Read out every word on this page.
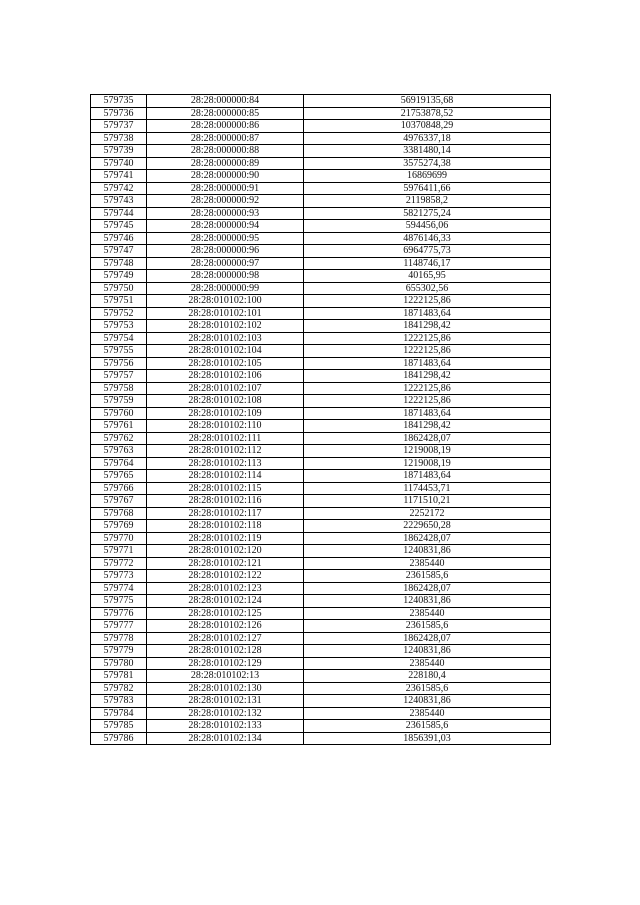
579735	28:28:000000:84	56919135,68
579736	28:28:000000:85	21753878,52
579737	28:28:000000:86	10370848,29
579738	28:28:000000:87	4976337,18
579739	28:28:000000:88	3381480,14
579740	28:28:000000:89	3575274,38
579741	28:28:000000:90	16869699
579742	28:28:000000:91	5976411,66
579743	28:28:000000:92	2119858,2
579744	28:28:000000:93	5821275,24
579745	28:28:000000:94	594456,06
579746	28:28:000000:95	4876146,33
579747	28:28:000000:96	6964775,73
579748	28:28:000000:97	1148746,17
579749	28:28:000000:98	40165,95
579750	28:28:000000:99	655302,56
579751	28:28:010102:100	1222125,86
579752	28:28:010102:101	1871483,64
579753	28:28:010102:102	1841298,42
579754	28:28:010102:103	1222125,86
579755	28:28:010102:104	1222125,86
579756	28:28:010102:105	1871483,64
579757	28:28:010102:106	1841298,42
579758	28:28:010102:107	1222125,86
579759	28:28:010102:108	1222125,86
579760	28:28:010102:109	1871483,64
579761	28:28:010102:110	1841298,42
579762	28:28:010102:111	1862428,07
579763	28:28:010102:112	1219008,19
579764	28:28:010102:113	1219008,19
579765	28:28:010102:114	1871483,64
579766	28:28:010102:115	1174453,71
579767	28:28:010102:116	1171510,21
579768	28:28:010102:117	2252172
579769	28:28:010102:118	2229650,28
579770	28:28:010102:119	1862428,07
579771	28:28:010102:120	1240831,86
579772	28:28:010102:121	2385440
579773	28:28:010102:122	2361585,6
579774	28:28:010102:123	1862428,07
579775	28:28:010102:124	1240831,86
579776	28:28:010102:125	2385440
579777	28:28:010102:126	2361585,6
579778	28:28:010102:127	1862428,07
579779	28:28:010102:128	1240831,86
579780	28:28:010102:129	2385440
579781	28:28:010102:13	228180,4
579782	28:28:010102:130	2361585,6
579783	28:28:010102:131	1240831,86
579784	28:28:010102:132	2385440
579785	28:28:010102:133	2361585,6
579786	28:28:010102:134	1856391,03
